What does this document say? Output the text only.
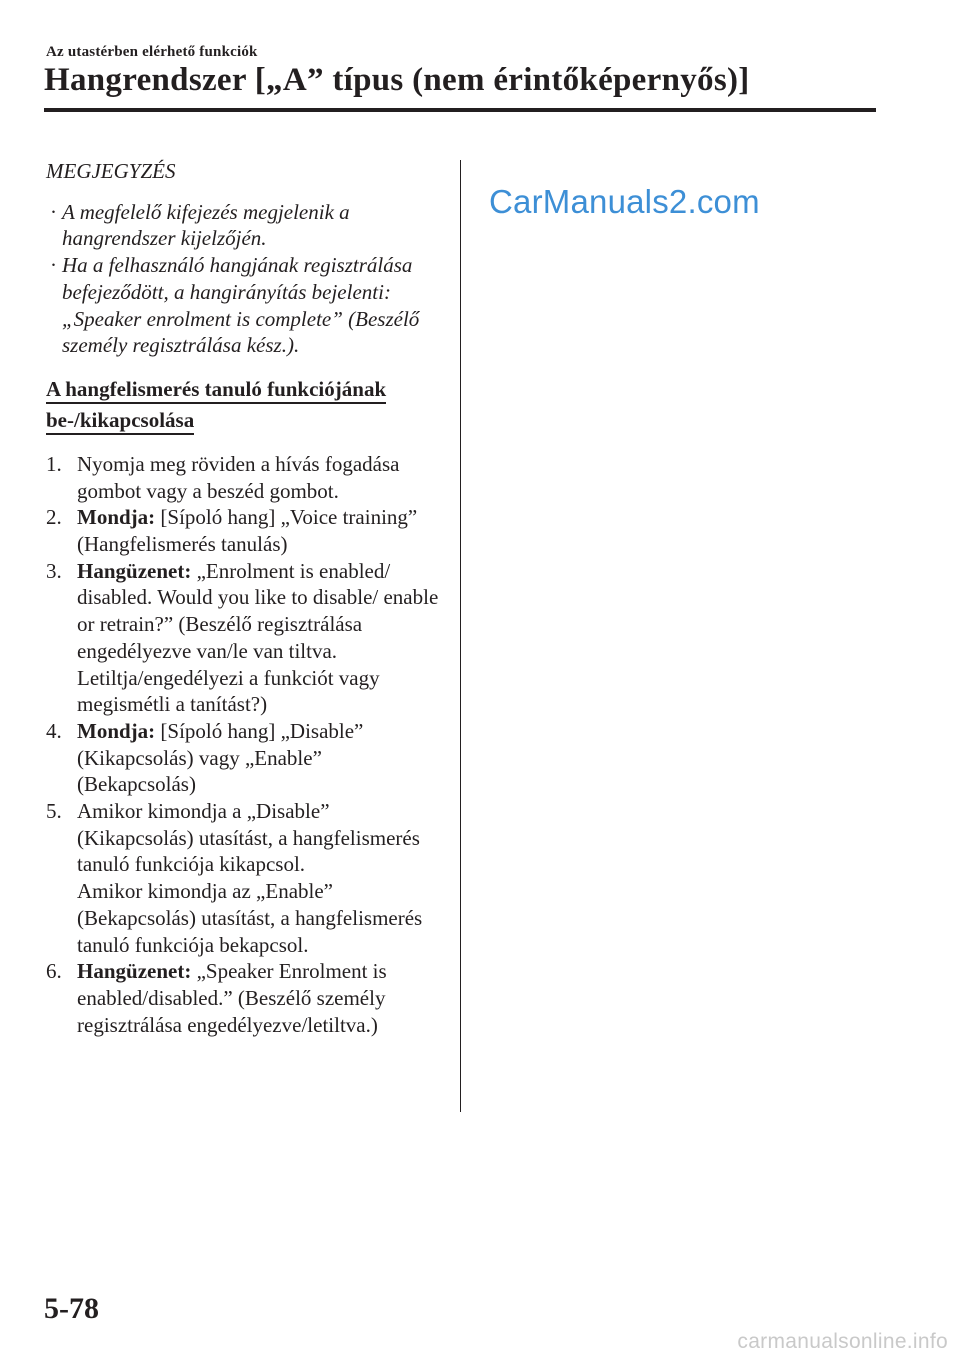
Az utastérben elérhető funkciók
Hangrendszer [„A” típus (nem érintőképernyős)]
MEGJEGYZÉS
· A megfelelő kifejezés megjelenik a hangrendszer kijelzőjén.
· Ha a felhasználó hangjának regisztrálása befejeződött, a hangirányítás bejelenti: „Speaker enrolment is complete” (Beszélő személy regisztrálása kész.).
A hangfelismerés tanuló funkciójának
be-/kikapcsolása
1. Nyomja meg röviden a hívás fogadása gombot vagy a beszéd gombot.
2. Mondja: [Sípoló hang] „Voice training” (Hangfelismerés tanulás)
3. Hangüzenet: „Enrolment is enabled/ disabled. Would you like to disable/ enable or retrain?” (Beszélő regisztrálása engedélyezve van/le van tiltva. Letiltja/engedélyezi a funkciót vagy megismétli a tanítást?)
4. Mondja: [Sípoló hang] „Disable” (Kikapcsolás) vagy „Enable” (Bekapcsolás)
5. Amikor kimondja a „Disable” (Kikapcsolás) utasítást, a hangfelismerés tanuló funkciója kikapcsol.
Amikor kimondja az „Enable” (Bekapcsolás) utasítást, a hangfelismerés tanuló funkciója bekapcsol.
6. Hangüzenet: „Speaker Enrolment is enabled/disabled.” (Beszélő személy regisztrálása engedélyezve/letiltva.)
CarManuals2.com
5-78
carmanualsonline.info
